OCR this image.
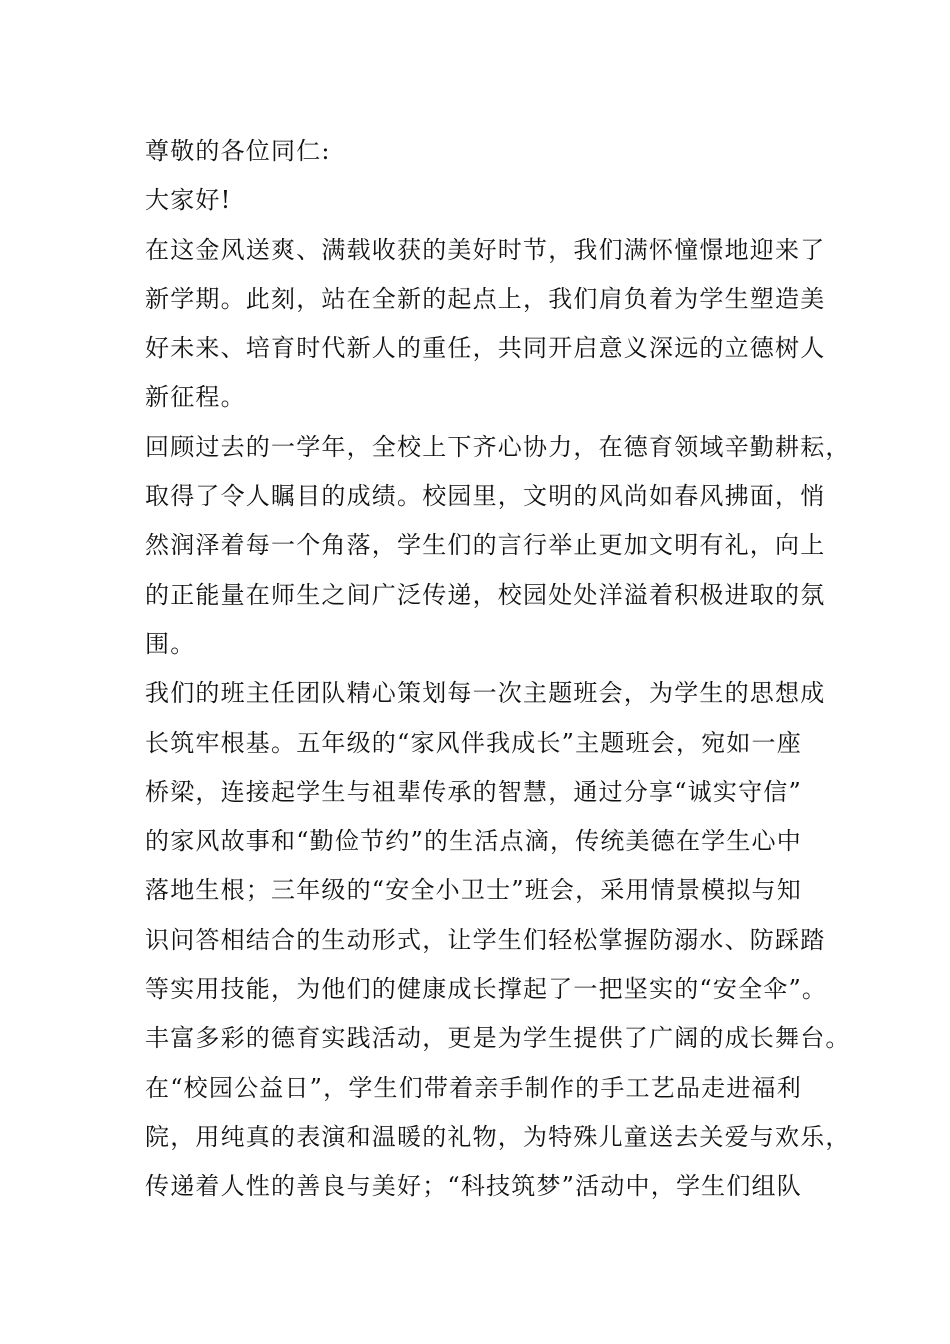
尊敬的各位同仁:
大家好!
在这金风送爽、满载收获的美好时节，我们满怀憧憬地迎来了
新学期。此刻，站在全新的起点上，我们肩负着为学生塑造美
好未来、培育时代新人的重任，共同开启意义深远的立德树人
新征程。
回顾过去的一学年，全校上下齐心协力，在德育领域辛勤耕耘，
取得了令人瞩目的成绩。校园里，文明的风尚如春风拂面，悄
然润泽着每一个角落，学生们的言行举止更加文明有礼，向上
的正能量在师生之间广泛传递，校园处处洋溢着积极进取的氛
围。
我们的班主任团队精心策划每一次主题班会，为学生的思想成
长筑牢根基。五年级的“家风伴我成长”主题班会，宛如一座
桥梁，连接起学生与祖辈传承的智慧，通过分享“诚实守信”
的家风故事和“勤俭节约”的生活点滴，传统美德在学生心中
落地生根；三年级的“安全小卫士”班会，采用情景模拟与知
识问答相结合的生动形式，让学生们轻松掌握防溺水、防踩踏
等实用技能，为他们的健康成长撑起了一把坚实的“安全伞”。
丰富多彩的德育实践活动，更是为学生提供了广阔的成长舞台。
在“校园公益日”，学生们带着亲手制作的手工艺品走进福利
院，用纯真的表演和温暖的礼物，为特殊儿童送去关爱与欢乐，
传递着人性的善良与美好；“科技筑梦”活动中，学生们组队
